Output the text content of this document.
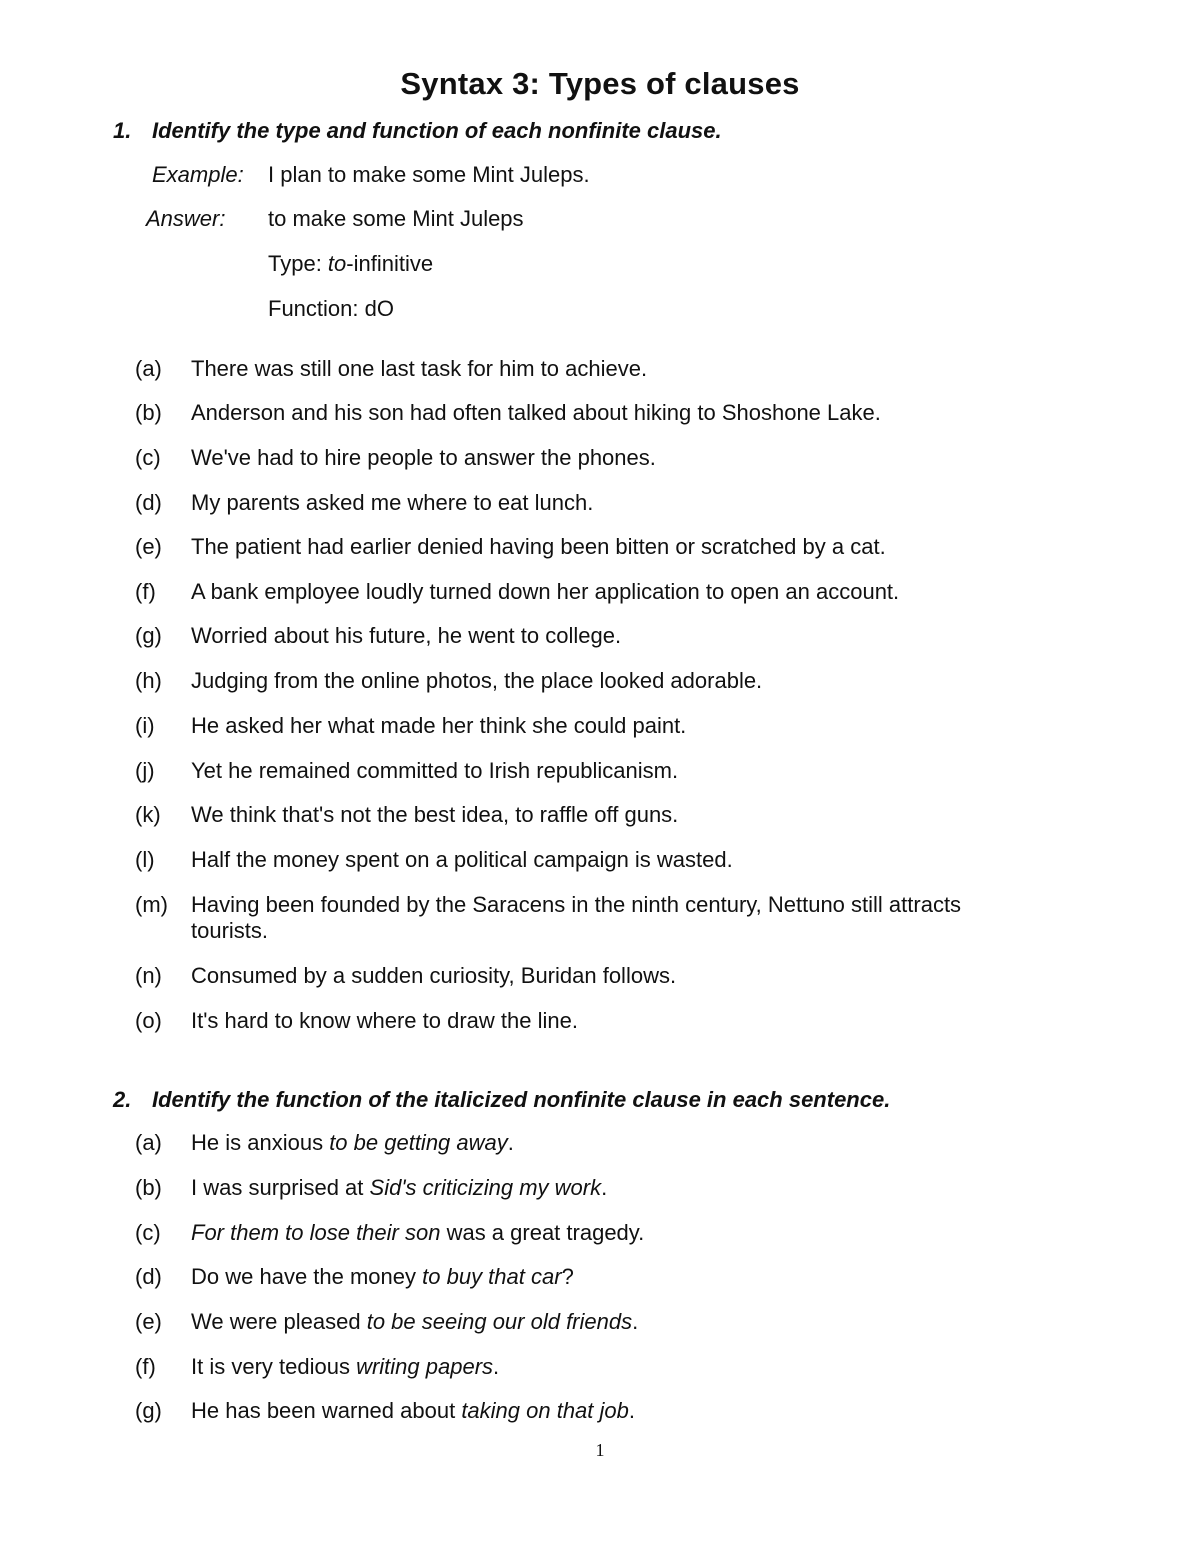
Syntax 3: Types of clauses
1. Identify the type and function of each nonfinite clause.
Example: I plan to make some Mint Juleps.
Answer: to make some Mint Juleps
Type: to-infinitive
Function: dO
(a) There was still one last task for him to achieve.
(b) Anderson and his son had often talked about hiking to Shoshone Lake.
(c) We've had to hire people to answer the phones.
(d) My parents asked me where to eat lunch.
(e) The patient had earlier denied having been bitten or scratched by a cat.
(f) A bank employee loudly turned down her application to open an account.
(g) Worried about his future, he went to college.
(h) Judging from the online photos, the place looked adorable.
(i) He asked her what made her think she could paint.
(j) Yet he remained committed to Irish republicanism.
(k) We think that's not the best idea, to raffle off guns.
(l) Half the money spent on a political campaign is wasted.
(m) Having been founded by the Saracens in the ninth century, Nettuno still attracts tourists.
(n) Consumed by a sudden curiosity, Buridan follows.
(o) It's hard to know where to draw the line.
2. Identify the function of the italicized nonfinite clause in each sentence.
(a) He is anxious to be getting away.
(b) I was surprised at Sid's criticizing my work.
(c) For them to lose their son was a great tragedy.
(d) Do we have the money to buy that car?
(e) We were pleased to be seeing our old friends.
(f) It is very tedious writing papers.
(g) He has been warned about taking on that job.
1
